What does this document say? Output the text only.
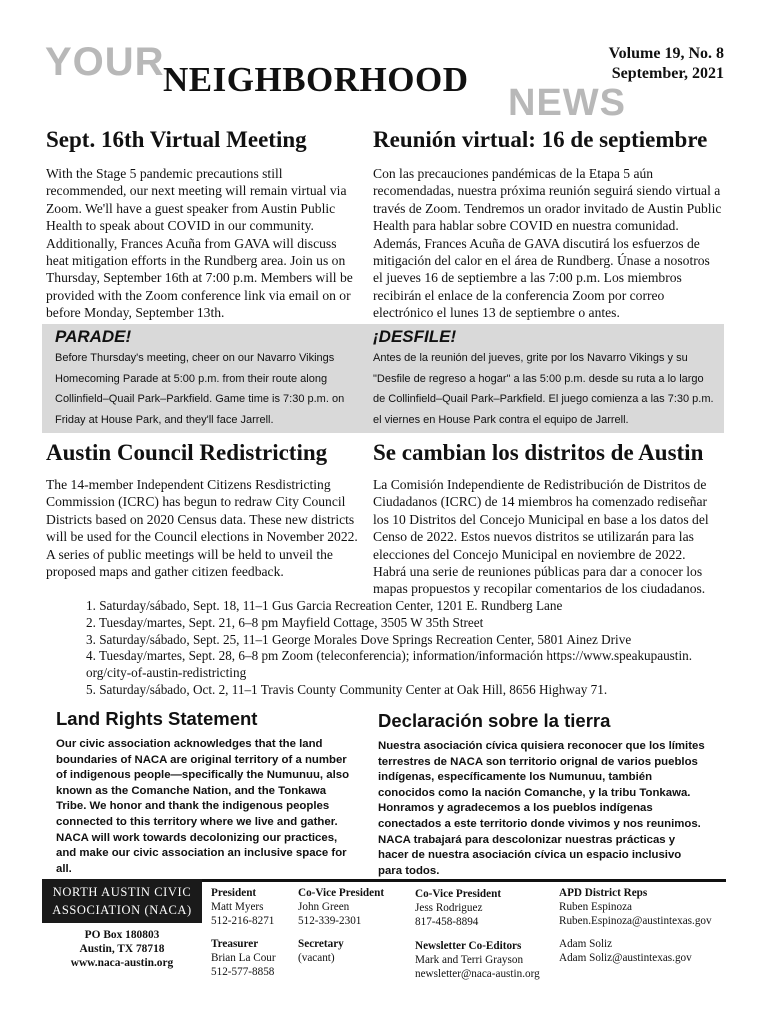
YOUR
NEIGHBORHOOD
NEWS
Volume 19, No. 8
September, 2021
Sept. 16th Virtual Meeting
With the Stage 5 pandemic precautions still recommended, our next meeting will remain virtual via Zoom. We'll have a guest speaker from Austin Public Health to speak about COVID in our community. Additionally, Frances Acuña from GAVA will discuss heat mitigation efforts in the Rundberg area. Join us on Thursday, September 16th at 7:00 p.m. Members will be provided with the Zoom conference link via email on or before Monday, September 13th.
Reunión virtual: 16 de septiembre
Con las precauciones pandémicas de la Etapa 5 aún recomendadas, nuestra próxima reunión seguirá siendo virtual a través de Zoom. Tendremos un orador invitado de Austin Public Health para hablar sobre COVID en nuestra comunidad. Además, Frances Acuña de GAVA discutirá los esfuerzos de mitigación del calor en el área de Rundberg. Únase a nosotros el jueves 16 de septiembre a las 7:00 p.m. Los miembros recibirán el enlace de la conferencia Zoom por correo electrónico el lunes 13 de septiembre o antes.
PARADE!
Before Thursday's meeting, cheer on our Navarro Vikings Homecoming Parade at 5:00 p.m. from their route along Collinfield–Quail Park–Parkfield. Game time is 7:30 p.m. on Friday at House Park, and they'll face Jarrell.
¡DESFILE!
Antes de la reunión del jueves, grite por los Navarro Vikings y su "Desfile de regreso a hogar" a las 5:00 p.m. desde su ruta a lo largo de Collinfield–Quail Park–Parkfield. El juego comienza a las 7:30 p.m. el viernes en House Park contra el equipo de Jarrell.
Austin Council Redistricting
The 14-member Independent Citizens Resdistricting Commission (ICRC) has begun to redraw City Council Districts based on 2020 Census data. These new districts will be used for the Council elections in November 2022. A series of public meetings will be held to unveil the proposed maps and gather citizen feedback.
Se cambian los distritos de Austin
La Comisión Independiente de Redistribución de Distritos de Ciudadanos (ICRC) de 14 miembros ha comenzado rediseñar los 10 Distritos del Concejo Municipal en base a los datos del Censo de 2022. Estos nuevos distritos se utilizarán para las elecciones del Concejo Municipal en noviembre de 2022. Habrá una serie de reuniones públicas para dar a conocer los mapas propuestos y recopilar comentarios de los ciudadanos.
1. Saturday/sábado, Sept. 18, 11–1 Gus Garcia Recreation Center, 1201 E. Rundberg Lane
2. Tuesday/martes, Sept. 21, 6–8 pm Mayfield Cottage, 3505 W 35th Street
3. Saturday/sábado, Sept. 25, 11–1 George Morales Dove Springs Recreation Center, 5801 Ainez Drive
4. Tuesday/martes, Sept. 28, 6–8 pm Zoom (teleconferencia); information/información https://www.speakupaustin.
org/city-of-austin-redistricting
5. Saturday/sábado, Oct. 2, 11–1 Travis County Community Center at Oak Hill, 8656 Highway 71.
Land Rights Statement
Our civic association acknowledges that the land boundaries of NACA are original territory of a number of indigenous people—specifically the Numunuu, also known as the Comanche Nation, and the Tonkawa Tribe. We honor and thank the indigenous peoples connected to this territory where we live and gather. NACA will work towards decolonizing our practices, and make our civic association an inclusive space for all.
Declaración sobre la tierra
Nuestra asociación cívica quisiera reconocer que los límites terrestres de NACA son territorio orignal de varios pueblos indígenas, específicamente los Numunuu, también conocidos como la nación Comanche, y la tribu Tonkawa. Honramos y agradecemos a los pueblos indígenas conectados a este territorio donde vivimos y nos reunimos. NACA trabajará para descolonizar nuestras prácticas y hacer de nuestra asociación cívica un espacio inclusivo para todos.
NORTH AUSTIN CIVIC
ASSOCIATION (NACA)
PO Box 180803
Austin, TX 78718
www.naca-austin.org
President
Matt Myers
512-216-8271
Co-Vice President
John Green
512-339-2301
Co-Vice President
Jess Rodriguez
817-458-8894
APD District Reps
Ruben Espinoza
Ruben.Espinoza@austintexas.gov
Treasurer
Brian La Cour
512-577-8858
Secretary
(vacant)
Newsletter Co-Editors
Mark and Terri Grayson
newsletter@naca-austin.org
Adam Soliz
Adam Soliz@austintexas.gov
